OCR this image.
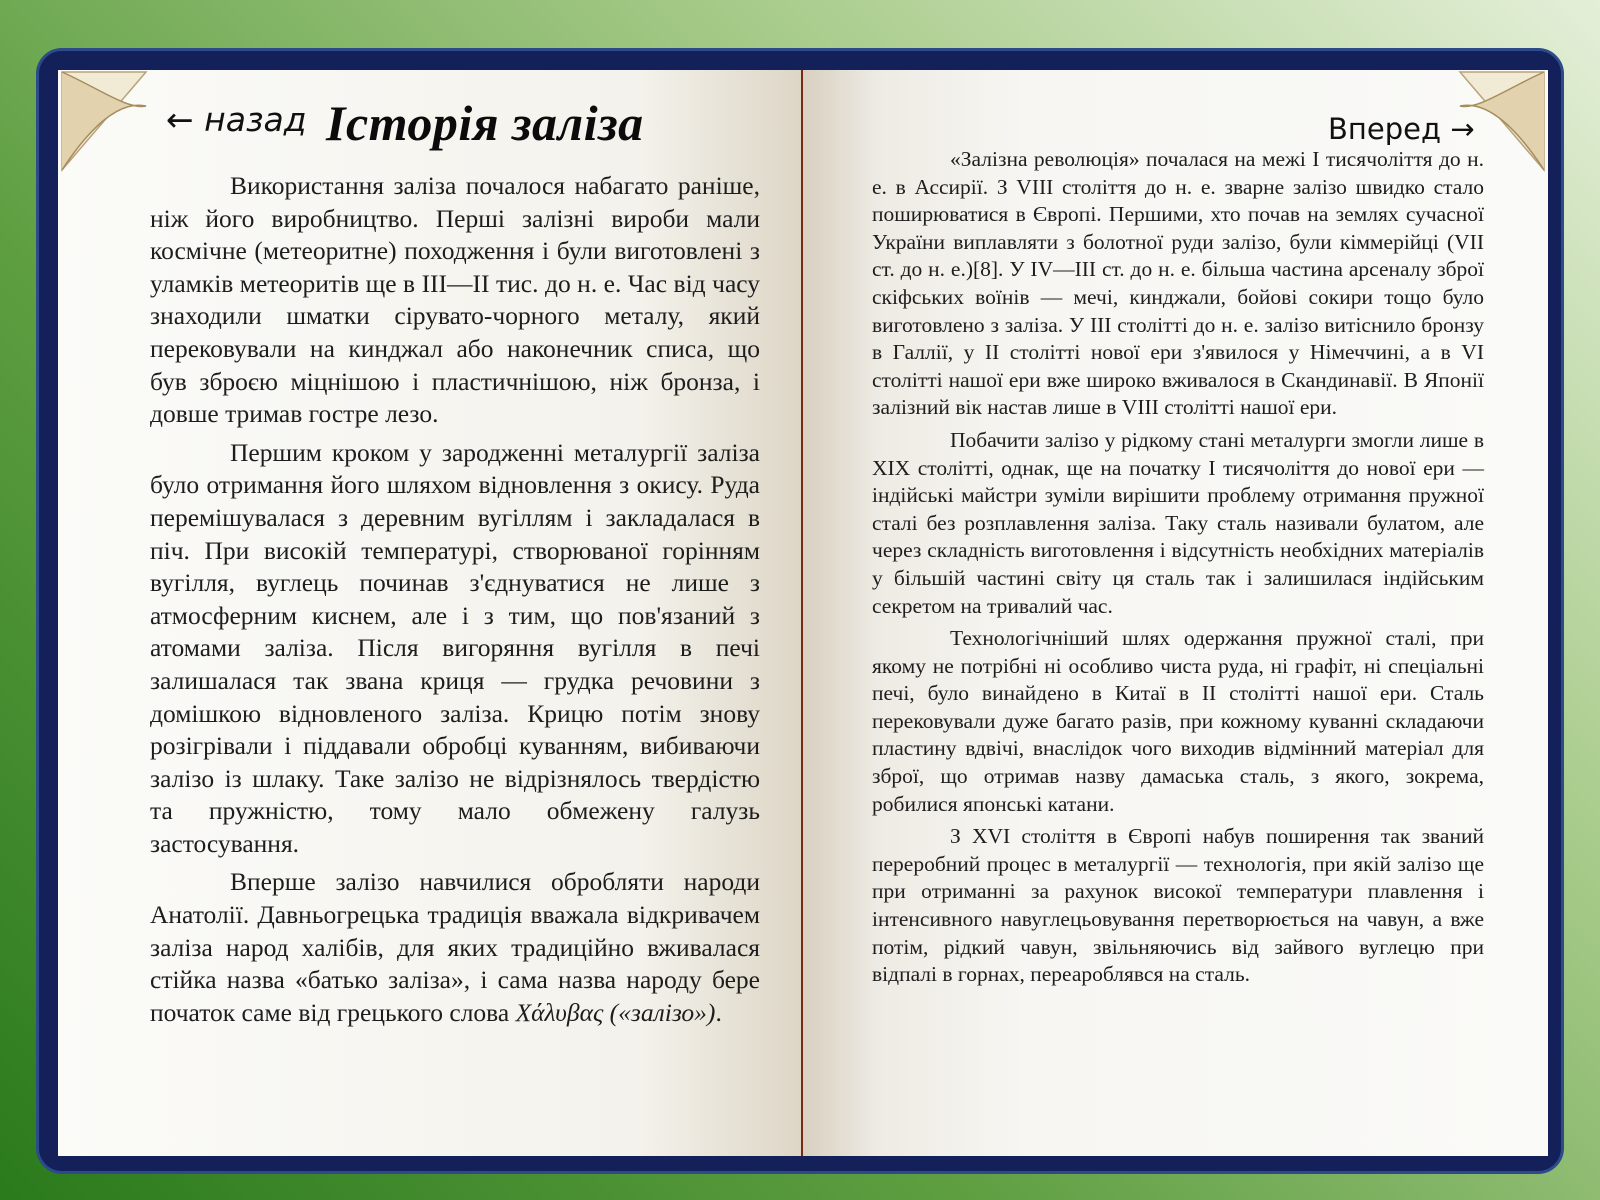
← назад Історія заліза	Вперед →

Використання заліза почалося набагато раніше, ніж його виробництво. Перші залізні вироби мали космічне (метеоритне) походження і були виготовлені з уламків метеоритів ще в III—II тис. до н. е. Час від часу знаходили шматки сірувато-чорного металу, який перековували на кинджал або наконечник списа, що був зброєю міцнішою і пластичнішою, ніж бронза, і довше тримав гостре лезо.

Першим кроком у зародженні металургії заліза було отримання його шляхом відновлення з окису. Руда перемішувалася з деревним вугіллям і закладалася в піч. При високій температурі, створюваної горінням вугілля, вуглець починав з'єднуватися не лише з атмосферним киснем, але і з тим, що пов'язаний з атомами заліза. Після вигоряння вугілля в печі залишалася так звана криця — грудка речовини з домішкою відновленого заліза. Крицю потім знову розігрівали і піддавали обробці куванням, вибиваючи залізо із шлаку. Таке залізо не відрізнялось твердістю та пружністю, тому мало обмежену галузь застосування.

Вперше залізо навчилися обробляти народи Анатолії. Давньогрецька традиція вважала відкривачем заліза народ халібів, для яких традиційно вживалася стійка назва «батько заліза», і сама назва народу бере початок саме від грецького слова Χάλυβας («залізо»).

«Залізна революція» почалася на межі I тисячоліття до н. е. в Ассирії. З VIII століття до н. е. зварне залізо швидко стало поширюватися в Європі. Першими, хто почав на землях сучасної України виплавляти з болотної руди залізо, були кіммерійці (VII ст. до н. е.)[8]. У IV—III ст. до н. е. більша частина арсеналу зброї скіфських воїнів — мечі, кинджали, бойові сокири тощо було виготовлено з заліза. У III столітті до н. е. залізо витіснило бронзу в Галлії, у II столітті нової ери з'явилося у Німеччині, а в VI столітті нашої ери вже широко вживалося в Скандинавії. В Японії залізний вік настав лише в VIII столітті нашої ери.

Побачити залізо у рідкому стані металурги змогли лише в XIX столітті, однак, ще на початку I тисячоліття до нової ери — індійські майстри зуміли вирішити проблему отримання пружної сталі без розплавлення заліза. Таку сталь називали булатом, але через складність виготовлення і відсутність необхідних матеріалів у більшій частині світу ця сталь так і залишилася індійським секретом на тривалий час.

Технологічніший шлях одержання пружної сталі, при якому не потрібні ні особливо чиста руда, ні графіт, ні спеціальні печі, було винайдено в Китаї в II столітті нашої ери. Сталь перековували дуже багато разів, при кожному куванні складаючи пластину вдвічі, внаслідок чого виходив відмінний матеріал для зброї, що отримав назву дамаська сталь, з якого, зокрема, робилися японські катани.

З XVI століття в Європі набув поширення так званий переробний процес в металургії — технологія, при якій залізо ще при отриманні за рахунок високої температури плавлення і інтенсивного навуглецьовування перетворюється на чавун, а вже потім, рідкий чавун, звільняючись від зайвого вуглецю при відпалі в горнах, переароблявся на сталь.
